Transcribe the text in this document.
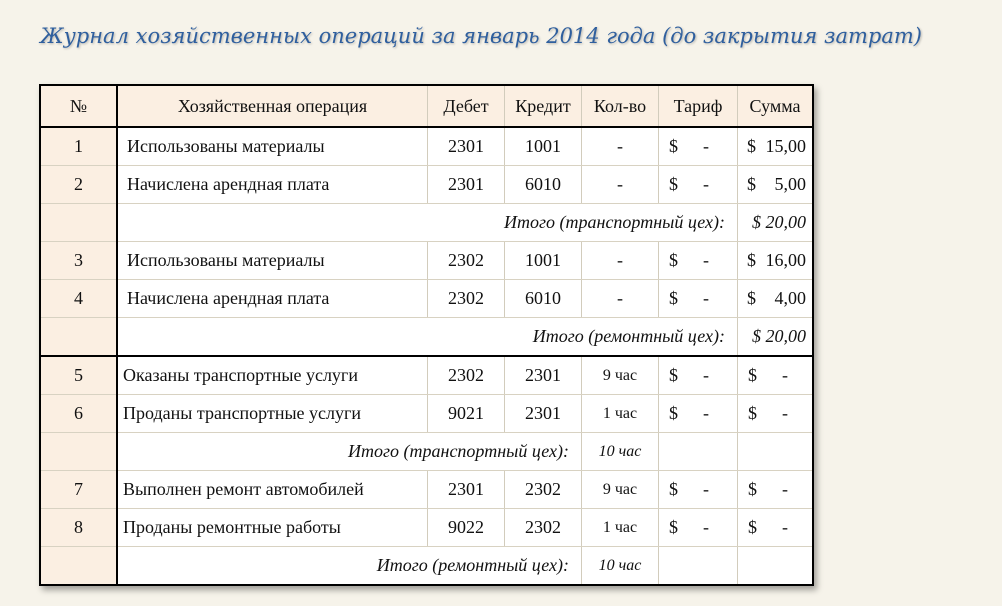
Журнал хозяйственных операций за январь 2014 года (до закрытия затрат)
№	Хозяйственная операция	Дебет	Кредит	Кол-во	Тариф	Сумма
1	Использованы материалы	2301	1001	-	$ -	$ 15,00

2	Начислена арендная плата	2301	6010	-	$ -	$ 5,00

	Итого (транспортный цех):					$ 20,00
3	Использованы материалы	2302	1001	-	$ -	$ 16,00

4	Начислена арендная плата	2302	6010	-	$ -	$ 4,00

	Итого (ремонтный цех):					$ 20,00
5	Оказаны транспортные услуги	2302	2301	9 час	$ -	$ -

6	Проданы транспортные услуги	9021	2301	1 час	$ -	$ -

	Итого (транспортный цех):			10 час		
7	Выполнен ремонт автомобилей	2301	2302	9 час	$ -	$ -

8	Проданы ремонтные работы	9022	2302	1 час	$ -	$ -

	Итого (ремонтный цех):			10 час		
